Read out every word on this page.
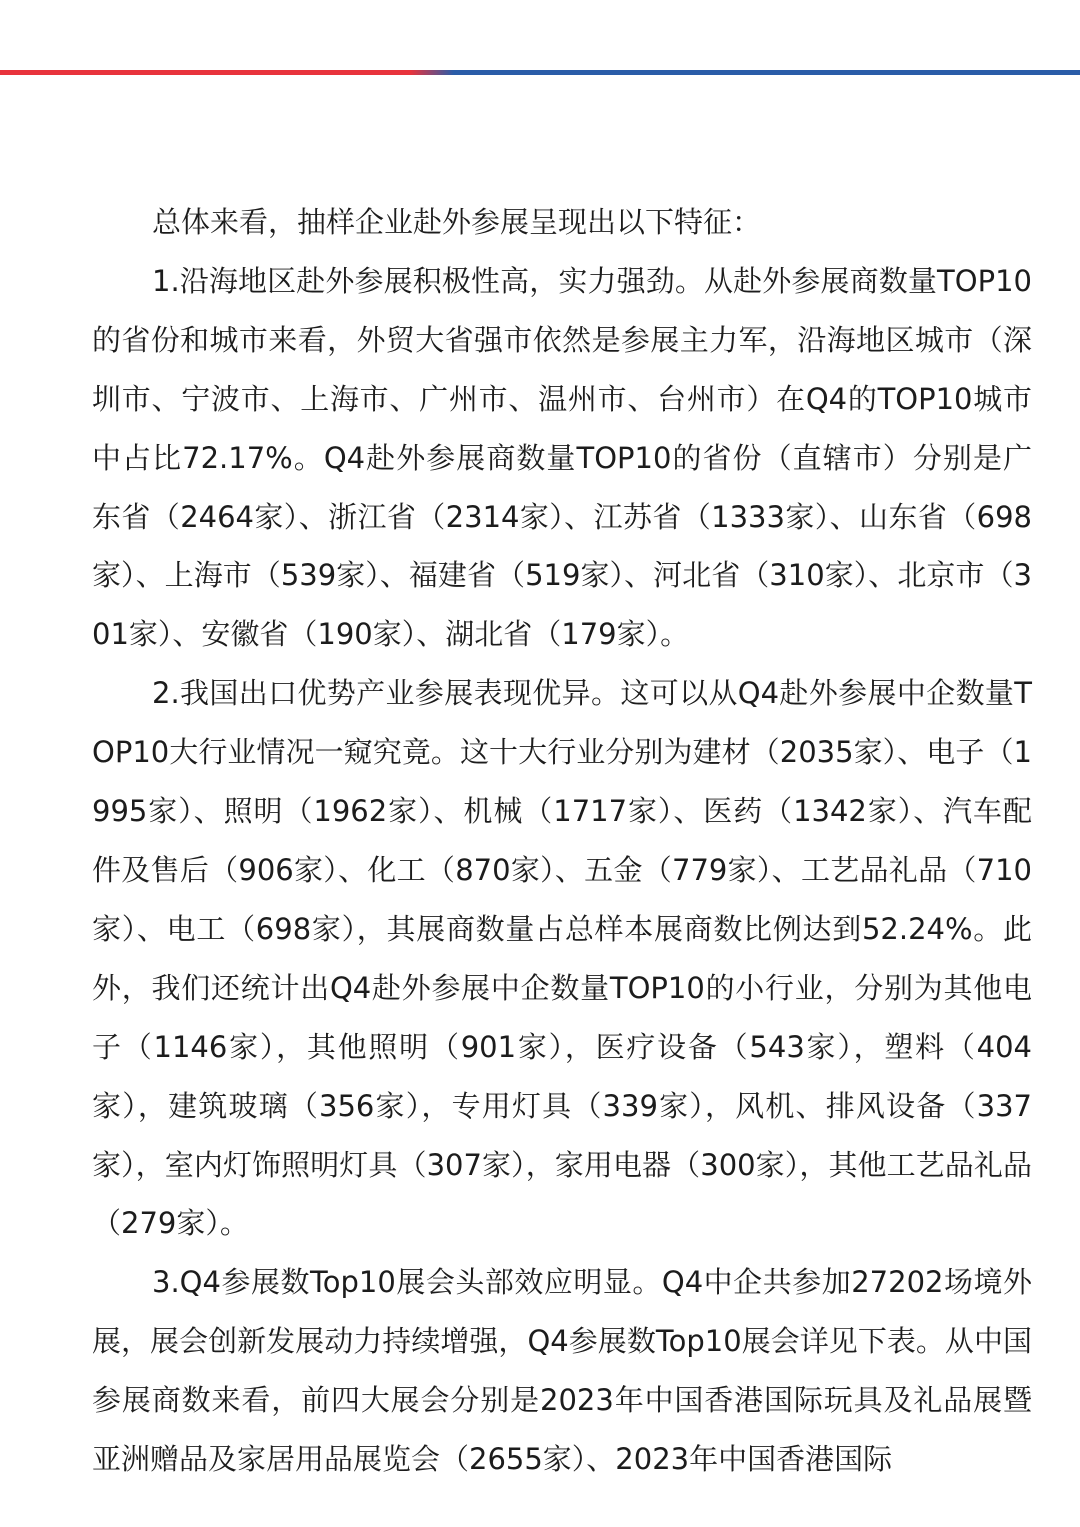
总体来看，抽样企业赴外参展呈现出以下特征：

1.沿海地区赴外参展积极性高，实力强劲。从赴外参展商数量TOP10的省份和城市来看，外贸大省强市依然是参展主力军，沿海地区城市（深圳市、宁波市、上海市、广州市、温州市、台州市）在Q4的TOP10城市中占比72.17%。Q4赴外参展商数量TOP10的省份（直辖市）分别是广东省（2464家）、浙江省（2314家）、江苏省（1333家）、山东省（698家）、上海市（539家）、福建省（519家）、河北省（310家）、北京市（301家）、安徽省（190家）、湖北省（179家）。

2.我国出口优势产业参展表现优异。这可以从Q4赴外参展中企数量TOP10大行业情况一窥究竟。这十大行业分别为建材（2035家）、电子（1995家）、照明（1962家）、机械（1717家）、医药（1342家）、汽车配件及售后（906家）、化工（870家）、五金（779家）、工艺品礼品（710家）、电工（698家），其展商数量占总样本展商数比例达到52.24%。此外，我们还统计出Q4赴外参展中企数量TOP10的小行业，分别为其他电子（1146家），其他照明（901家），医疗设备（543家），塑料（404家），建筑玻璃（356家），专用灯具（339家），风机、排风设备（337家），室内灯饰照明灯具（307家），家用电器（300家），其他工艺品礼品（279家）。

3.Q4参展数Top10展会头部效应明显。Q4中企共参加27202场境外展，展会创新发展动力持续增强，Q4参展数Top10展会详见下表。从中国参展商数来看，前四大展会分别是2023年中国香港国际玩具及礼品展暨亚洲赠品及家居用品展览会（2655家）、2023年中国香港国际
